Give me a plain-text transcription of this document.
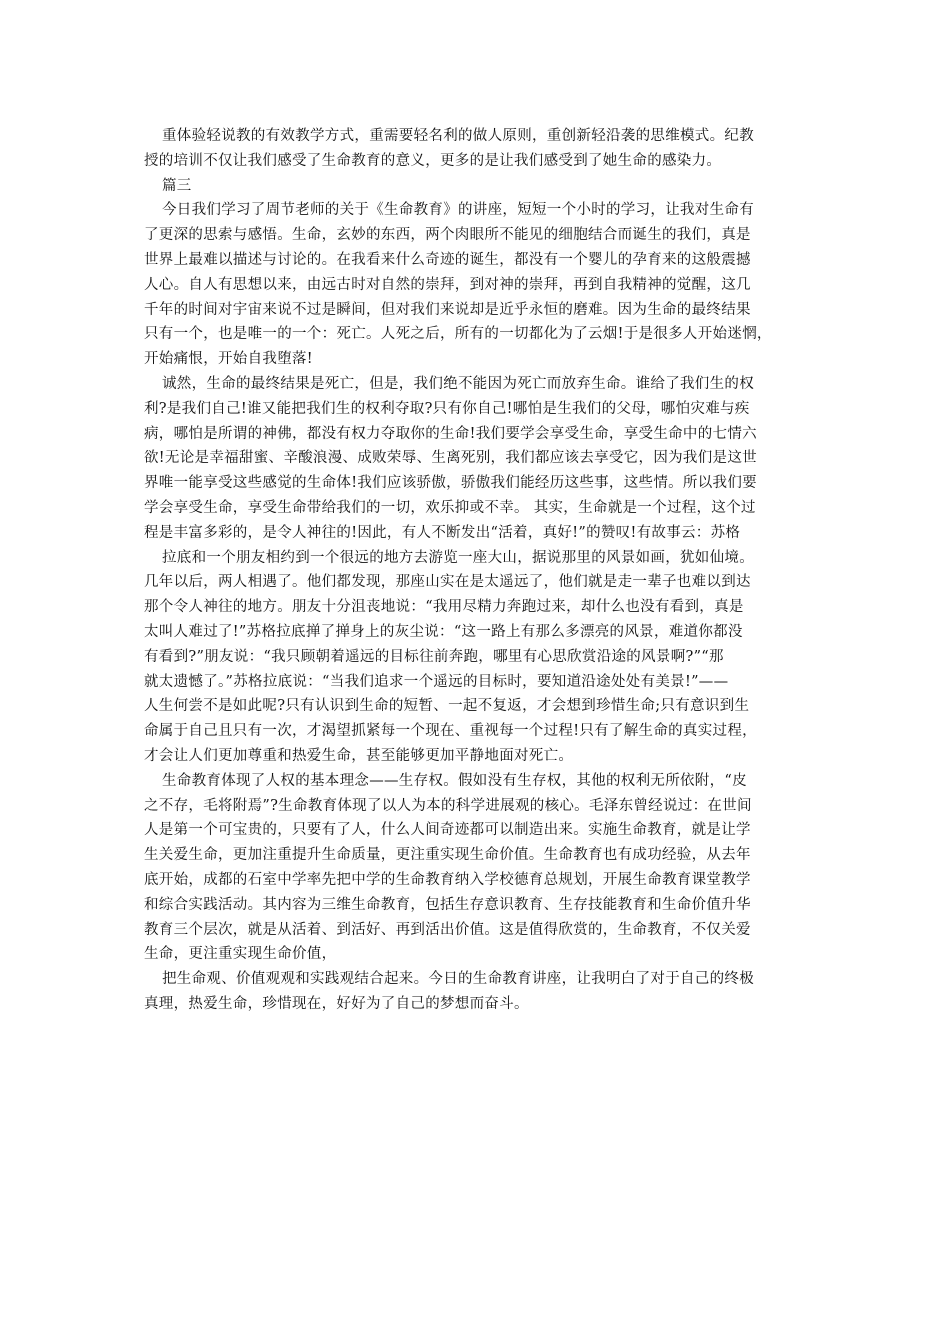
重体验轻说教的有效教学方式，重需要轻名利的做人原则，重创新轻沿袭的思维模式。纪教
授的培训不仅让我们感受了生命教育的意义，更多的是让我们感受到了她生命的感染力。
篇三
今日我们学习了周节老师的关于《生命教育》的讲座，短短一个小时的学习，让我对生命有
了更深的思索与感悟。生命，玄妙的东西，两个肉眼所不能见的细胞结合而诞生的我们，真是
世界上最难以描述与讨论的。在我看来什么奇迹的诞生，都没有一个婴儿的孕育来的这般震撼
人心。自人有思想以来，由远古时对自然的崇拜，到对神的崇拜，再到自我精神的觉醒，这几
千年的时间对宇宙来说不过是瞬间，但对我们来说却是近乎永恒的磨难。因为生命的最终结果
只有一个，也是唯一的一个：死亡。人死之后，所有的一切都化为了云烟!于是很多人开始迷惘，
开始痛恨，开始自我堕落!
诚然，生命的最终结果是死亡，但是，我们绝不能因为死亡而放弃生命。谁给了我们生的权
利?是我们自己!谁又能把我们生的权利夺取?只有你自己!哪怕是生我们的父母，哪怕灾难与疾
病，哪怕是所谓的神佛，都没有权力夺取你的生命!我们要学会享受生命，享受生命中的七情六
欲!无论是幸福甜蜜、辛酸浪漫、成败荣辱、生离死别，我们都应该去享受它，因为我们是这世
界唯一能享受这些感觉的生命体!我们应该骄傲，骄傲我们能经历这些事，这些情。所以我们要
学会享受生命，享受生命带给我们的一切，欢乐抑或不幸。 其实，生命就是一个过程，这个过
程是丰富多彩的，是令人神往的!因此，有人不断发出“活着，真好!”的赞叹!有故事云：苏格
拉底和一个朋友相约到一个很远的地方去游览一座大山，据说那里的风景如画，犹如仙境。
几年以后，两人相遇了。他们都发现，那座山实在是太遥远了，他们就是走一辈子也难以到达
那个令人神往的地方。朋友十分沮丧地说：“我用尽精力奔跑过来，却什么也没有看到，真是
太叫人难过了!”苏格拉底掸了掸身上的灰尘说：“这一路上有那么多漂亮的风景，难道你都没
有看到?”朋友说：“我只顾朝着遥远的目标往前奔跑，哪里有心思欣赏沿途的风景啊?”“那
就太遗憾了。”苏格拉底说：“当我们追求一个遥远的目标时，要知道沿途处处有美景!”——
人生何尝不是如此呢?只有认识到生命的短暂、一起不复返，才会想到珍惜生命;只有意识到生
命属于自己且只有一次，才渴望抓紧每一个现在、重视每一个过程!只有了解生命的真实过程，
才会让人们更加尊重和热爱生命，甚至能够更加平静地面对死亡。
生命教育体现了人权的基本理念——生存权。假如没有生存权，其他的权利无所依附，“皮
之不存，毛将附焉”?生命教育体现了以人为本的科学进展观的核心。毛泽东曾经说过：在世间
人是第一个可宝贵的，只要有了人，什么人间奇迹都可以制造出来。实施生命教育，就是让学
生关爱生命，更加注重提升生命质量，更注重实现生命价值。生命教育也有成功经验，从去年
底开始，成都的石室中学率先把中学的生命教育纳入学校德育总规划，开展生命教育课堂教学
和综合实践活动。其内容为三维生命教育，包括生存意识教育、生存技能教育和生命价值升华
教育三个层次，就是从活着、到活好、再到活出价值。这是值得欣赏的，生命教育，不仅关爱
生命，更注重实现生命价值，
把生命观、价值观观和实践观结合起来。今日的生命教育讲座，让我明白了对于自己的终极
真理，热爱生命，珍惜现在，好好为了自己的梦想而奋斗。
